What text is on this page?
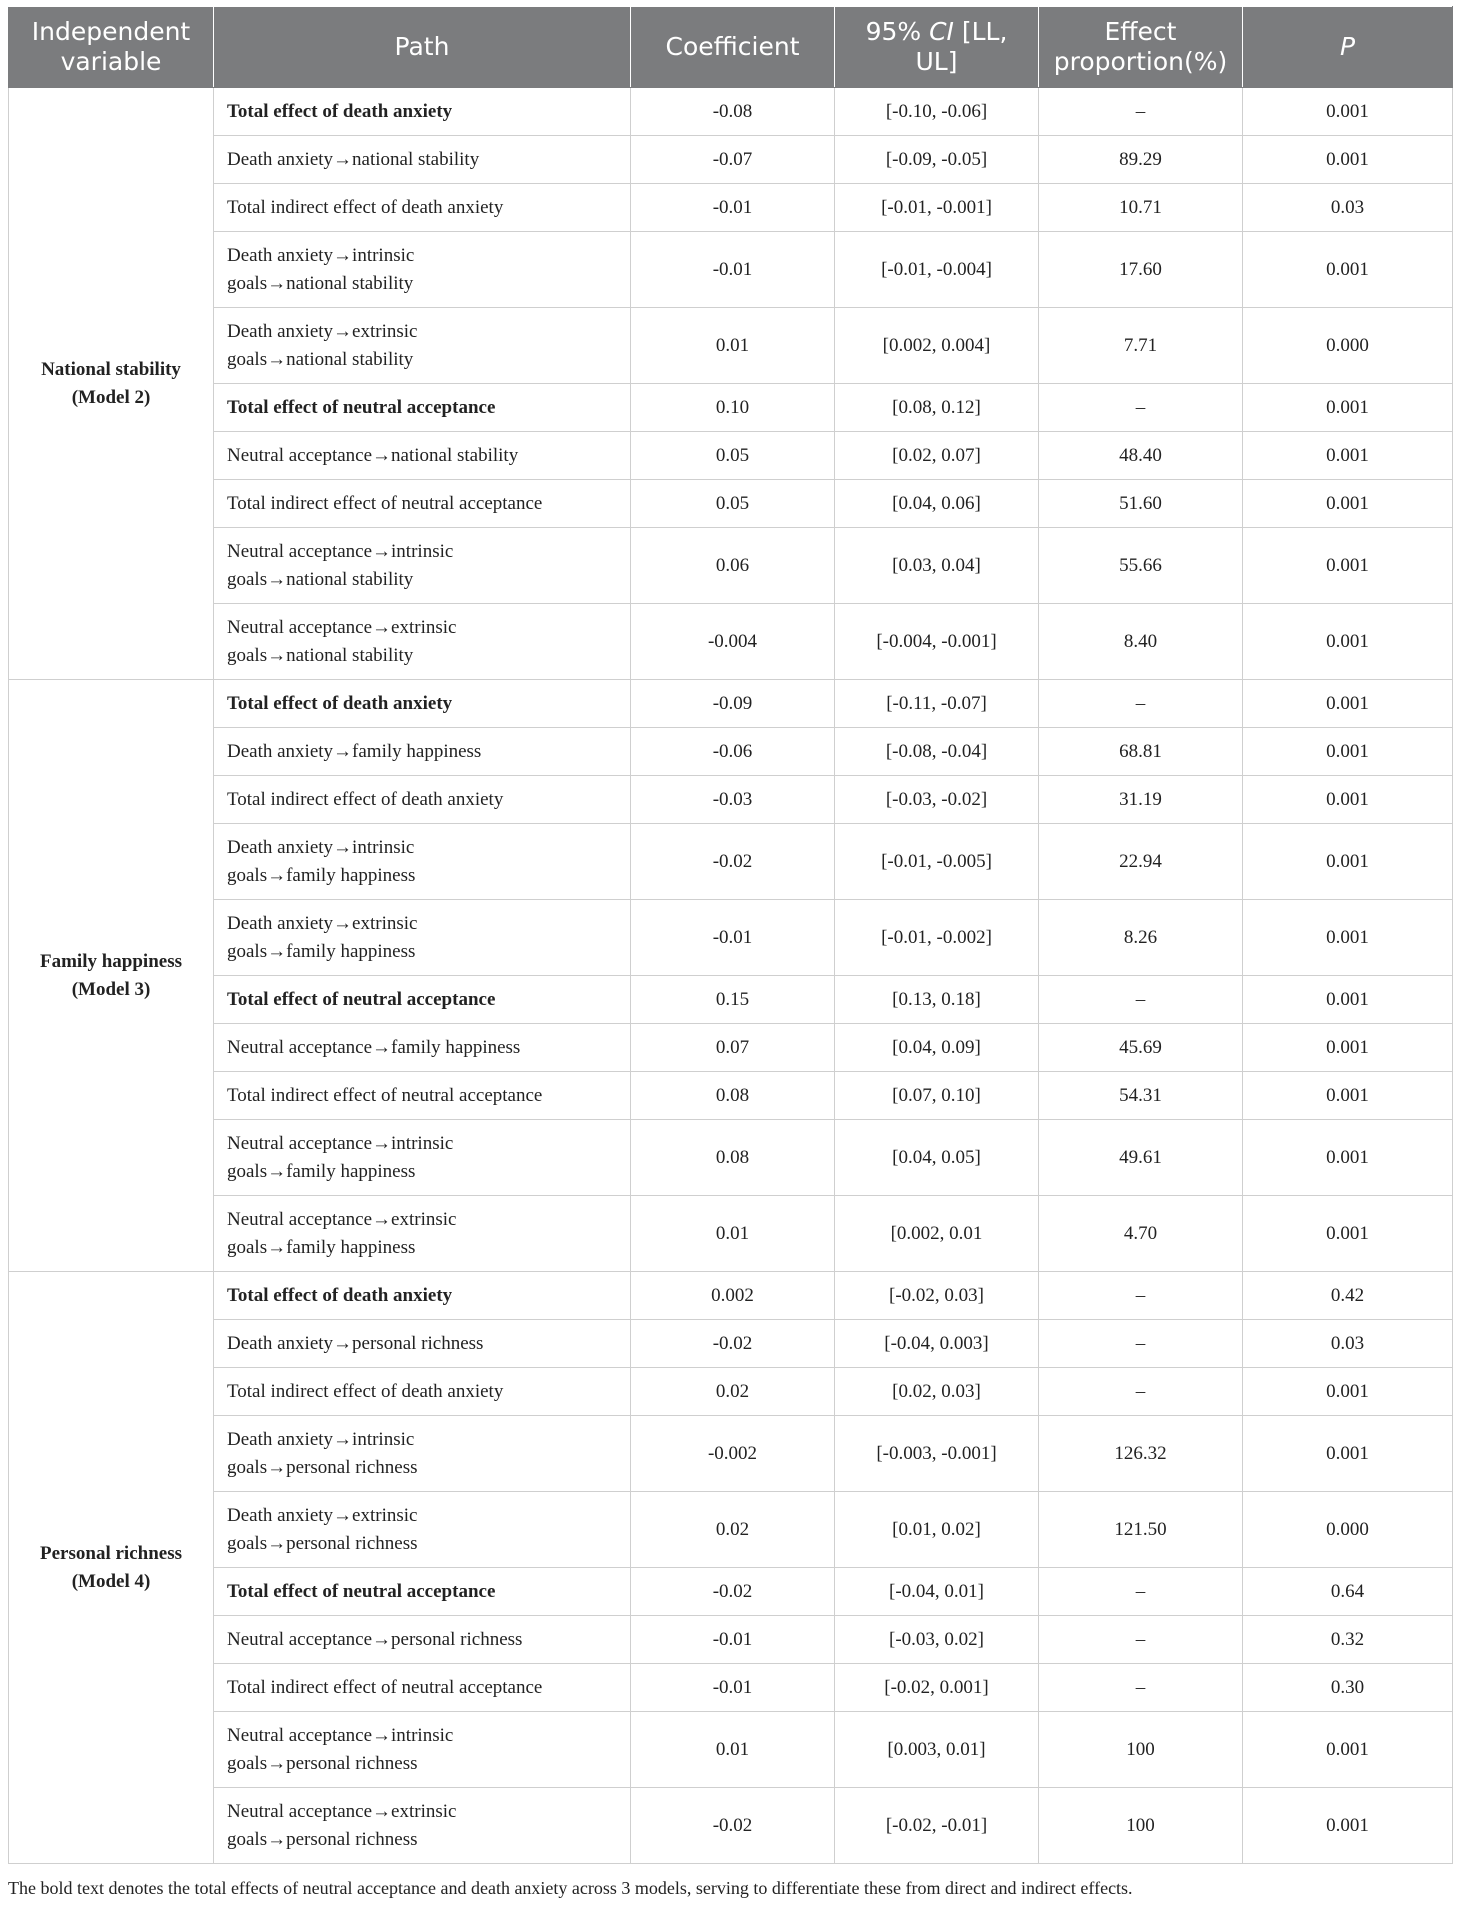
Independent variable	Path	Coefficient	95% CI [LL, UL]	Effect proportion(%)	P
National stability
(Model 2)	Total effect of death anxiety	-0.08	[-0.10, -0.06]	–	0.001
	Death anxiety→national stability	-0.07	[-0.09, -0.05]	89.29	0.001
	Total indirect effect of death anxiety	-0.01	[-0.01, -0.001]	10.71	0.03
	Death anxiety→intrinsic
goals→national stability	-0.01	[-0.01, -0.004]	17.60	0.001
	Death anxiety→extrinsic
goals→national stability	0.01	[0.002, 0.004]	7.71	0.000
	Total effect of neutral acceptance	0.10	[0.08, 0.12]	–	0.001
	Neutral acceptance→national stability	0.05	[0.02, 0.07]	48.40	0.001
	Total indirect effect of neutral acceptance	0.05	[0.04, 0.06]	51.60	0.001
	Neutral acceptance→intrinsic
goals→national stability	0.06	[0.03, 0.04]	55.66	0.001
	Neutral acceptance→extrinsic
goals→national stability	-0.004	[-0.004, -0.001]	8.40	0.001
Family happiness
(Model 3)	Total effect of death anxiety	-0.09	[-0.11, -0.07]	–	0.001
	Death anxiety→family happiness	-0.06	[-0.08, -0.04]	68.81	0.001
	Total indirect effect of death anxiety	-0.03	[-0.03, -0.02]	31.19	0.001
	Death anxiety→intrinsic
goals→family happiness	-0.02	[-0.01, -0.005]	22.94	0.001
	Death anxiety→extrinsic
goals→family happiness	-0.01	[-0.01, -0.002]	8.26	0.001
	Total effect of neutral acceptance	0.15	[0.13, 0.18]	–	0.001
	Neutral acceptance→family happiness	0.07	[0.04, 0.09]	45.69	0.001
	Total indirect effect of neutral acceptance	0.08	[0.07, 0.10]	54.31	0.001
	Neutral acceptance→intrinsic
goals→family happiness	0.08	[0.04, 0.05]	49.61	0.001
	Neutral acceptance→extrinsic
goals→family happiness	0.01	[0.002, 0.01	4.70	0.001
Personal richness
(Model 4)	Total effect of death anxiety	0.002	[-0.02, 0.03]	–	0.42
	Death anxiety→personal richness	-0.02	[-0.04, 0.003]	–	0.03
	Total indirect effect of death anxiety	0.02	[0.02, 0.03]	–	0.001
	Death anxiety→intrinsic
goals→personal richness	-0.002	[-0.003, -0.001]	126.32	0.001
	Death anxiety→extrinsic
goals→personal richness	0.02	[0.01, 0.02]	121.50	0.000
	Total effect of neutral acceptance	-0.02	[-0.04, 0.01]	–	0.64
	Neutral acceptance→personal richness	-0.01	[-0.03, 0.02]	–	0.32
	Total indirect effect of neutral acceptance	-0.01	[-0.02, 0.001]	–	0.30
	Neutral acceptance→intrinsic
goals→personal richness	0.01	[0.003, 0.01]	100	0.001
	Neutral acceptance→extrinsic
goals→personal richness	-0.02	[-0.02, -0.01]	100	0.001
The bold text denotes the total effects of neutral acceptance and death anxiety across 3 models, serving to differentiate these from direct and indirect effects.
